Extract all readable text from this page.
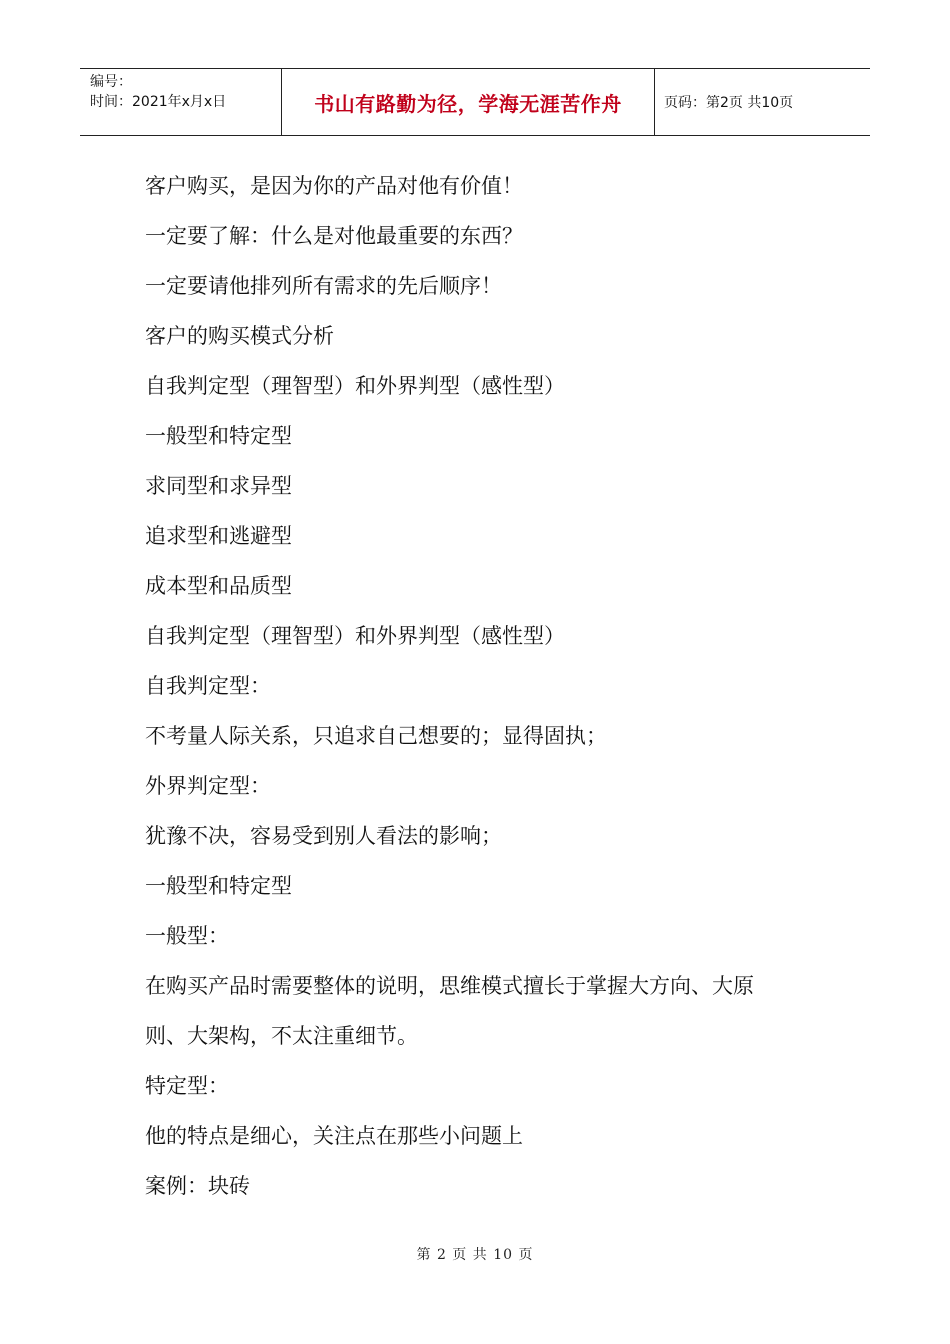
编号：
时间：2021年x月x日	书山有路勤为径，学海无涯苦作舟	页码：第2页 共10页
客户购买，是因为你的产品对他有价值！
一定要了解：什么是对他最重要的东西？
一定要请他排列所有需求的先后顺序！
客户的购买模式分析
自我判定型（理智型）和外界判型（感性型）
一般型和特定型
求同型和求异型
追求型和逃避型
成本型和品质型
自我判定型（理智型）和外界判型（感性型）
自我判定型：
不考量人际关系，只追求自己想要的；显得固执；
外界判定型：
犹豫不决，容易受到别人看法的影响；
一般型和特定型
一般型：
在购买产品时需要整体的说明，思维模式擅长于掌握大方向、大原
则、大架构，不太注重细节。
特定型：
他的特点是细心，关注点在那些小问题上
案例：块砖
第 2 页 共 10 页
